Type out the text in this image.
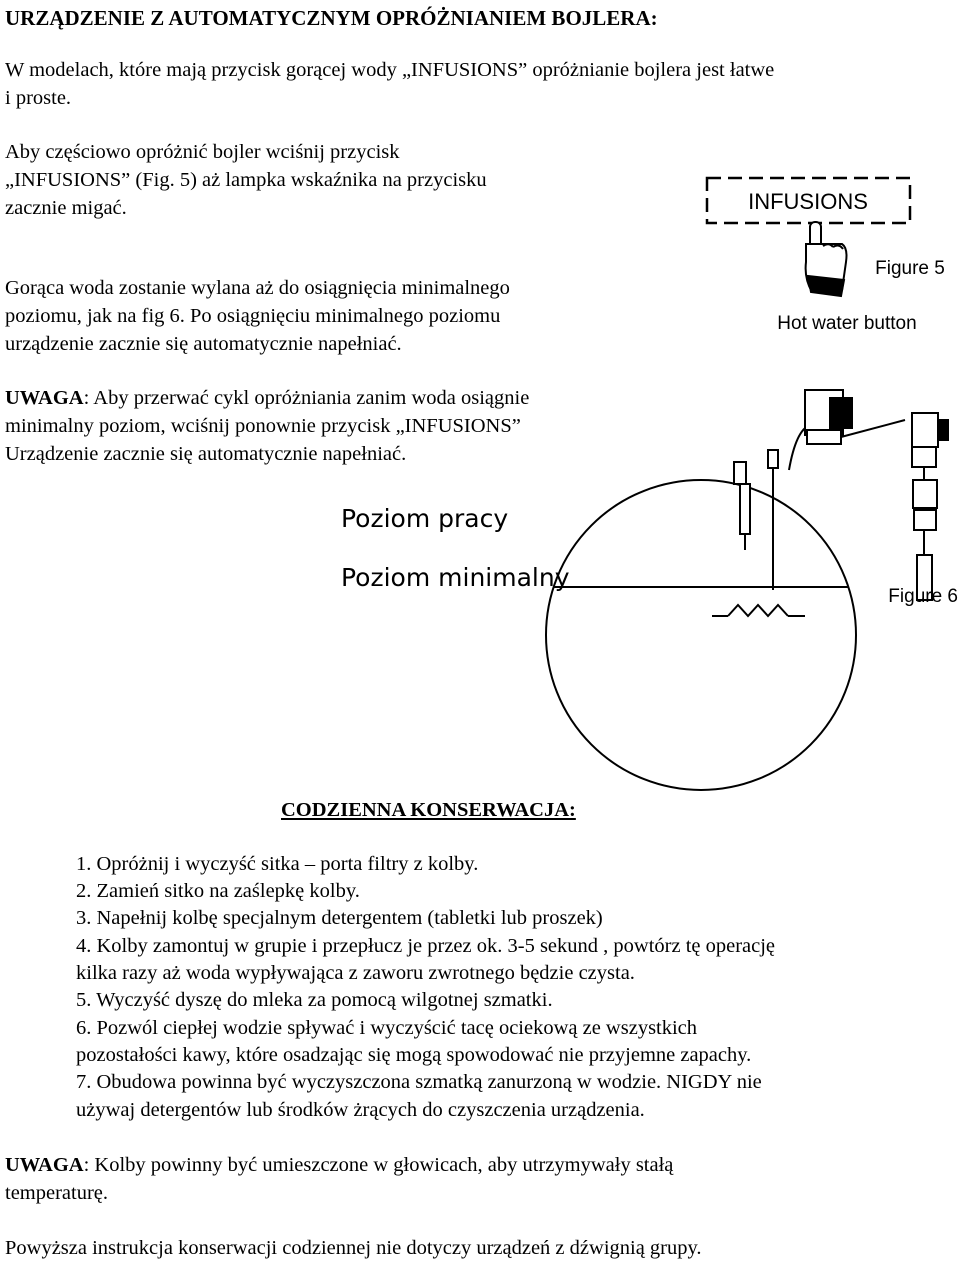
URZĄDZENIE Z AUTOMATYCZNYM OPRÓŻNIANIEM BOJLERA:

W modelach, które mają przycisk gorącej wody „INFUSIONS” opróżnianie bojlera jest łatwe

i proste.

Aby częściowo opróżnić bojler wciśnij przycisk

„INFUSIONS” (Fig. 5) aż lampka wskaźnika na przycisku

zacznie migać.

Gorąca woda zostanie wylana aż do osiągnięcia minimalnego

poziomu, jak na fig 6. Po osiągnięciu minimalnego poziomu

urządzenie zacznie się automatycznie napełniać.

UWAGA: Aby przerwać cykl opróżniania zanim woda osiągnie

minimalny poziom, wciśnij ponownie przycisk „INFUSIONS”

Urządzenie zacznie się automatycznie napełniać.

CODZIENNA KONSERWACJA:

1. Opróżnij i wyczyść sitka – porta filtry z kolby.

2. Zamień sitko na zaślepkę kolby.

3. Napełnij kolbę specjalnym detergentem (tabletki lub proszek)

4. Kolby zamontuj w grupie i przepłucz je przez ok. 3-5 sekund , powtórz tę operację

kilka razy aż woda wypływająca z zaworu zwrotnego będzie czysta.

5. Wyczyść dyszę do mleka za pomocą wilgotnej szmatki.

6. Pozwól ciepłej wodzie spływać i wyczyścić tacę ociekową ze wszystkich

pozostałości kawy, które osadzając się mogą spowodować nie przyjemne zapachy.

7. Obudowa powinna być wyczyszczona szmatką zanurzoną w wodzie. NIGDY nie

używaj detergentów lub środków żrących do czyszczenia urządzenia.

UWAGA: Kolby powinny być umieszczone w głowicach, aby utrzymywały stałą

temperaturę.

Powyższa instrukcja konserwacji codziennej nie dotyczy urządzeń z dźwignią grupy.

INFUSIONS
Figure 5
Hot water button
Poziom pracy
Poziom minimalny
Figure 6
